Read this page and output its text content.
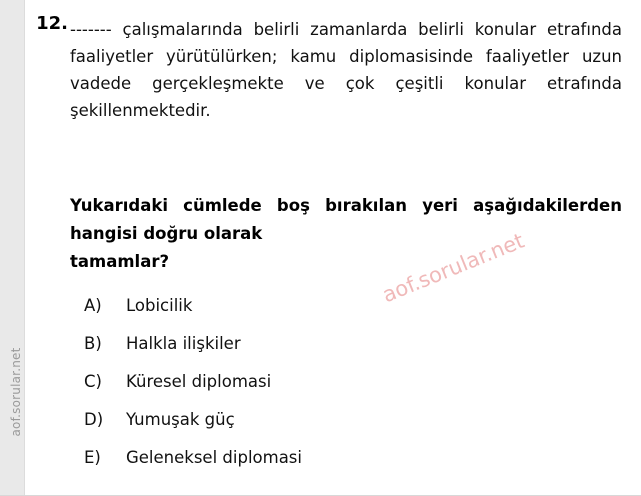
aof.sorular.net
12. ------- çalışmalarında belirli zamanlarda belirli konular etrafında faaliyetler yürütülürken; kamu diplomasisinde faaliyetler uzun vadede gerçekleşmekte ve çok çeşitli konular etrafında şekillenmektedir.
Yukarıdaki cümlede boş bırakılan yeri aşağıdakilerden hangisi doğru olarak
tamamlar?
A)	Lobicilik
B)	Halkla ilişkiler
C)	Küresel diplomasi
D)	Yumuşak güç
E)	Geleneksel diplomasi
aof.sorular.net
